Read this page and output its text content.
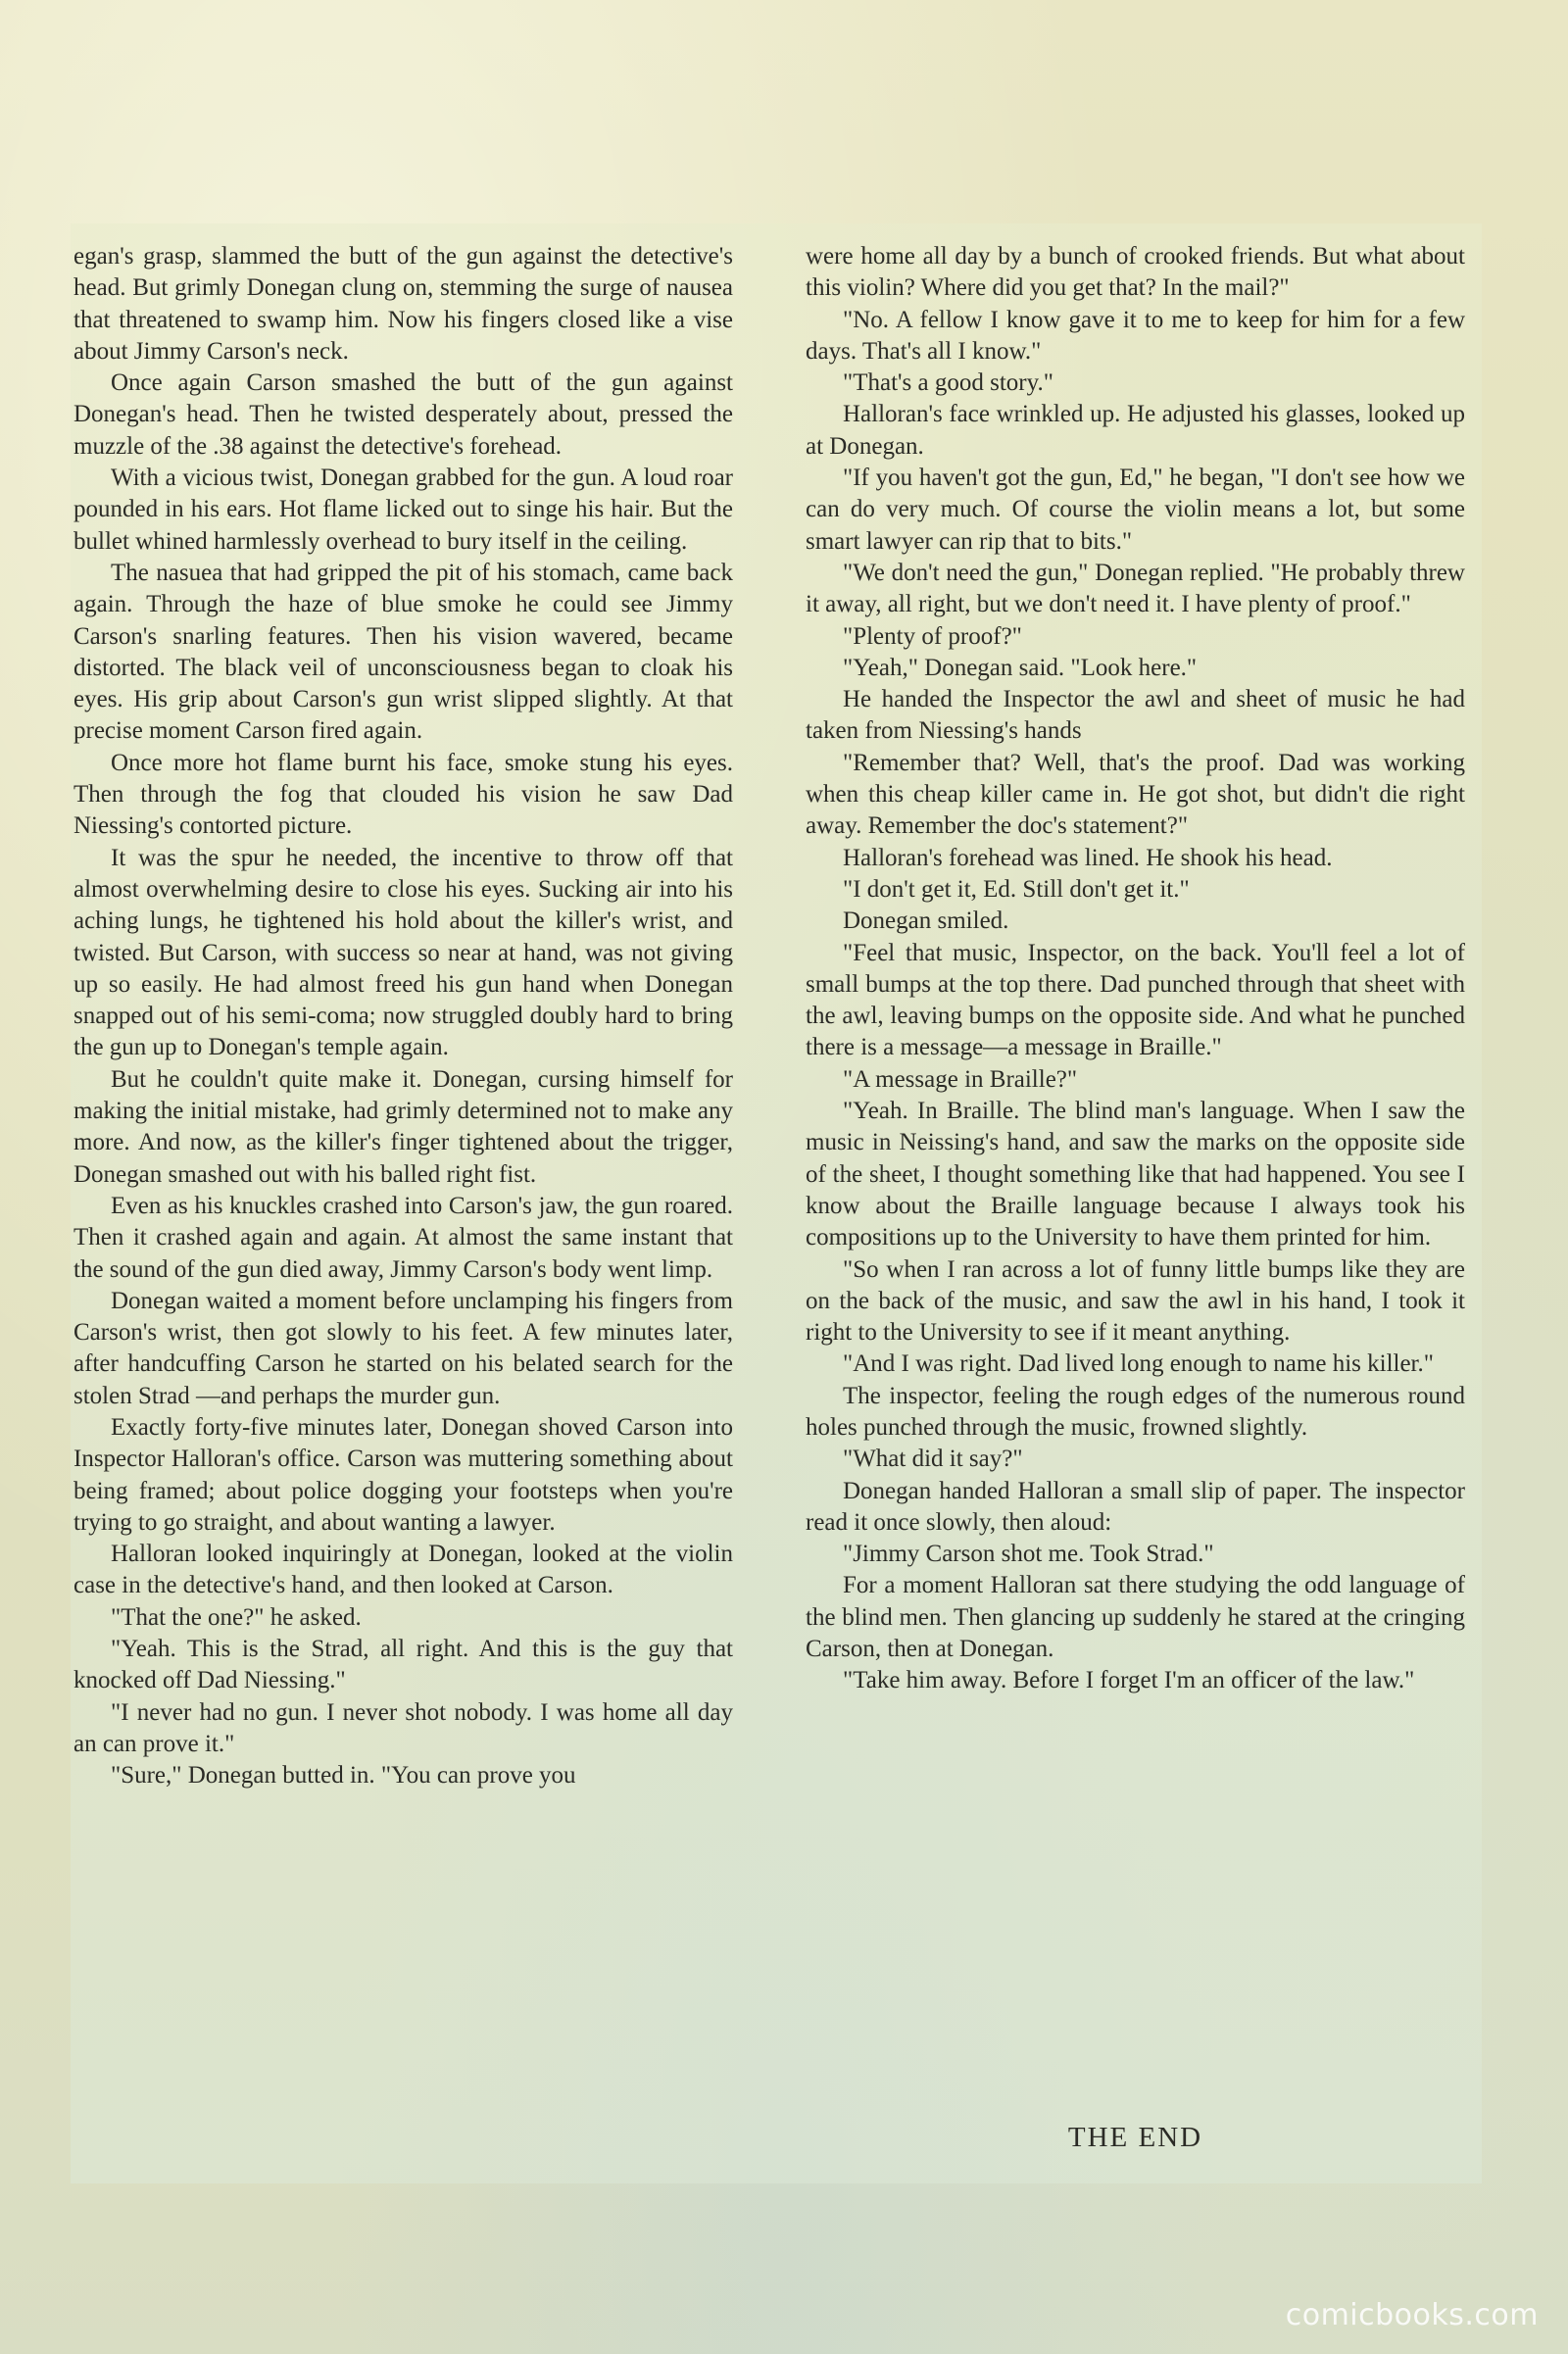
egan's grasp, slammed the butt of the gun against the detective's head. But grimly Donegan clung on, stemming the surge of nausea that threatened to swamp him. Now his fingers closed like a vise about Jimmy Carson's neck.

Once again Carson smashed the butt of the gun against Donegan's head. Then he twisted desperately about, pressed the muzzle of the .38 against the detective's forehead.

With a vicious twist, Donegan grabbed for the gun. A loud roar pounded in his ears. Hot flame licked out to singe his hair. But the bullet whined harmlessly overhead to bury itself in the ceiling.

The nasuea that had gripped the pit of his stomach, came back again. Through the haze of blue smoke he could see Jimmy Carson's snarling features. Then his vision wavered, became distorted. The black veil of unconsciousness began to cloak his eyes. His grip about Carson's gun wrist slipped slightly. At that precise moment Carson fired again.

Once more hot flame burnt his face, smoke stung his eyes. Then through the fog that clouded his vision he saw Dad Niessing's contorted picture.

It was the spur he needed, the incentive to throw off that almost overwhelming desire to close his eyes. Sucking air into his aching lungs, he tightened his hold about the killer's wrist, and twisted. But Carson, with success so near at hand, was not giving up so easily. He had almost freed his gun hand when Donegan snapped out of his semi-coma; now struggled doubly hard to bring the gun up to Donegan's temple again.

But he couldn't quite make it. Donegan, cursing himself for making the initial mistake, had grimly determined not to make any more. And now, as the killer's finger tightened about the trigger, Donegan smashed out with his balled right fist.

Even as his knuckles crashed into Carson's jaw, the gun roared. Then it crashed again and again. At almost the same instant that the sound of the gun died away, Jimmy Carson's body went limp.

Donegan waited a moment before unclamping his fingers from Carson's wrist, then got slowly to his feet. A few minutes later, after handcuffing Carson he started on his belated search for the stolen Strad —and perhaps the murder gun.

Exactly forty-five minutes later, Donegan shoved Carson into Inspector Halloran's office. Carson was muttering something about being framed; about police dogging your footsteps when you're trying to go straight, and about wanting a lawyer.

Halloran looked inquiringly at Donegan, looked at the violin case in the detective's hand, and then looked at Carson.

"That the one?" he asked.

"Yeah. This is the Strad, all right. And this is the guy that knocked off Dad Niessing."

"I never had no gun. I never shot nobody. I was home all day an can prove it."

"Sure," Donegan butted in. "You can prove you

were home all day by a bunch of crooked friends. But what about this violin? Where did you get that? In the mail?"

"No. A fellow I know gave it to me to keep for him for a few days. That's all I know."

"That's a good story."

Halloran's face wrinkled up. He adjusted his glasses, looked up at Donegan.

"If you haven't got the gun, Ed," he began, "I don't see how we can do very much. Of course the violin means a lot, but some smart lawyer can rip that to bits."

"We don't need the gun," Donegan replied. "He probably threw it away, all right, but we don't need it. I have plenty of proof."

"Plenty of proof?"

"Yeah," Donegan said. "Look here."

He handed the Inspector the awl and sheet of music he had taken from Niessing's hands

"Remember that? Well, that's the proof. Dad was working when this cheap killer came in. He got shot, but didn't die right away. Remember the doc's statement?"

Halloran's forehead was lined. He shook his head.

"I don't get it, Ed. Still don't get it."

Donegan smiled.

"Feel that music, Inspector, on the back. You'll feel a lot of small bumps at the top there. Dad punched through that sheet with the awl, leaving bumps on the opposite side. And what he punched there is a message—a message in Braille."

"A message in Braille?"

"Yeah. In Braille. The blind man's language. When I saw the music in Neissing's hand, and saw the marks on the opposite side of the sheet, I thought something like that had happened. You see I know about the Braille language because I always took his compositions up to the University to have them printed for him.

"So when I ran across a lot of funny little bumps like they are on the back of the music, and saw the awl in his hand, I took it right to the University to see if it meant anything.

"And I was right. Dad lived long enough to name his killer."

The inspector, feeling the rough edges of the numerous round holes punched through the music, frowned slightly.

"What did it say?"

Donegan handed Halloran a small slip of paper. The inspector read it once slowly, then aloud:

"Jimmy Carson shot me. Took Strad."

For a moment Halloran sat there studying the odd language of the blind men. Then glancing up suddenly he stared at the cringing Carson, then at Donegan.

"Take him away. Before I forget I'm an officer of the law."

THE END
comicbooks.com
